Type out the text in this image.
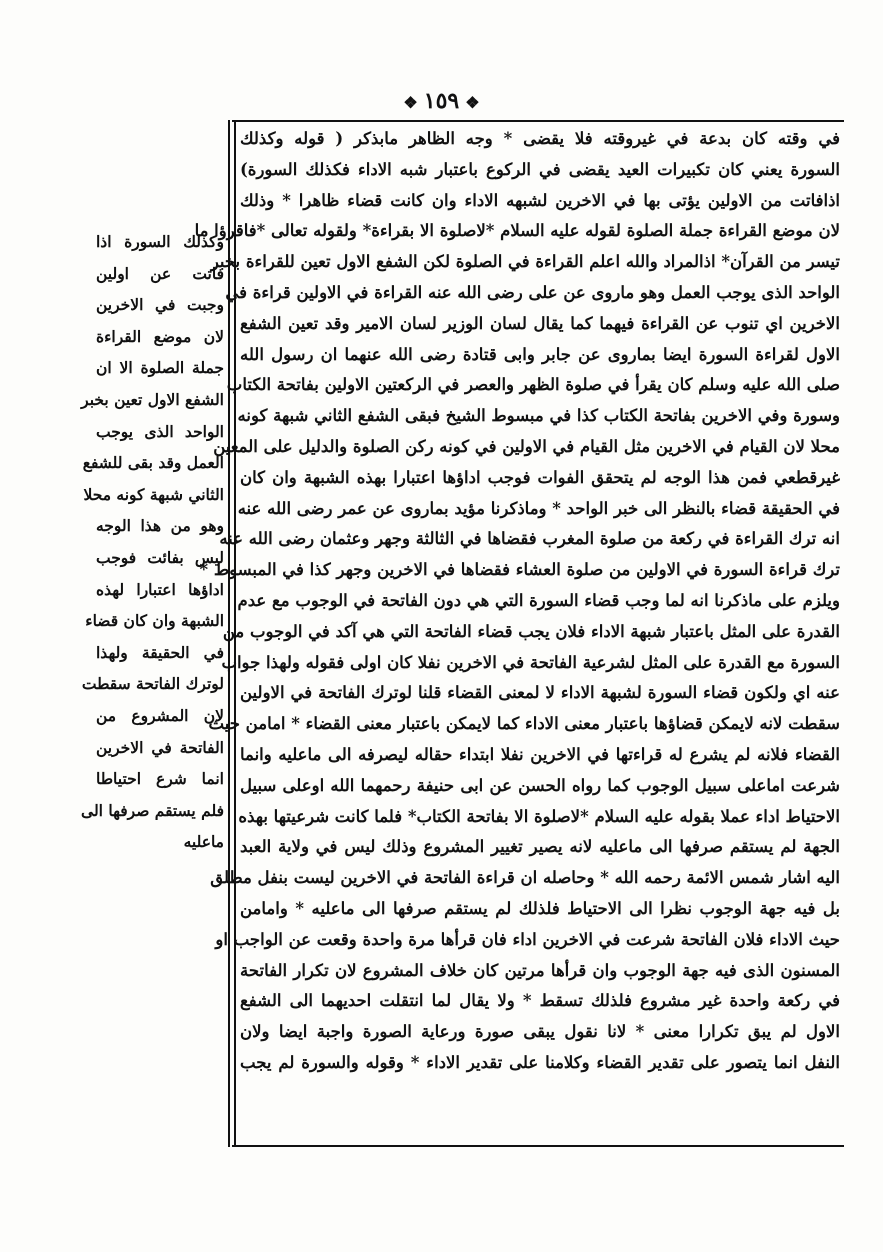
❖ ١٥٩ ❖
في وقته كان بدعة في غيروقته فلا يقضى * وجه الظاهر مابذكر ( قوله وكذلك
السورة يعني كان تكبيرات العيد يقضى في الركوع باعتبار شبه الاداء فكذلك السورة)
اذافاتت من الاولين يؤتى بها في الاخرين لشبهه الاداء وان كانت قضاء ظاهرا * وذلك
لان موضع القراءة جملة الصلوة لقوله عليه السلام *لاصلوة الا بقراءة* ولقوله تعالى *فاقرؤا ما
تيسر من القرآن* اذالمراد والله اعلم القراءة في الصلوة لكن الشفع الاول تعين للقراءة بخبر
الواحد الذى يوجب العمل وهو ماروى عن على رضى الله عنه القراءة في الاولين قراءة في
الاخرين اي تنوب عن القراءة فيهما كما يقال لسان الوزير لسان الامير وقد تعين الشفع
الاول لقراءة السورة ايضا بماروى عن جابر وابى قتادة رضى الله عنهما ان رسول الله
صلى الله عليه وسلم كان يقرأ في صلوة الظهر والعصر في الركعتين الاولين بفاتحة الكتاب
وسورة وفي الاخرين بفاتحة الكتاب كذا في مبسوط الشيخ فبقى الشفع الثاني شبهة كونه
محلا لان القيام في الاخرين مثل القيام في الاولين في كونه ركن الصلوة والدليل على المعين
غيرقطعي فمن هذا الوجه لم يتحقق الفوات فوجب اداؤها اعتبارا بهذه الشبهة وان كان
في الحقيقة قضاء بالنظر الى خبر الواحد * وماذكرنا مؤيد بماروى عن عمر رضى الله عنه
انه ترك القراءة في ركعة من صلوة المغرب فقضاها في الثالثة وجهر وعثمان رضى الله عنه
ترك قراءة السورة في الاولين من صلوة العشاء فقضاها في الاخرين وجهر كذا في المبسوط *
ويلزم على ماذكرنا انه لما وجب قضاء السورة التي هي دون الفاتحة في الوجوب مع عدم
القدرة على المثل باعتبار شبهة الاداء فلان يجب قضاء الفاتحة التي هي آكد في الوجوب من
السورة مع القدرة على المثل لشرعية الفاتحة في الاخرين نفلا كان اولى فقوله ولهذا جواب
عنه اي ولكون قضاء السورة لشبهة الاداء لا لمعنى القضاء قلنا لوترك الفاتحة في الاولين
سقطت لانه لايمكن قضاؤها باعتبار معنى الاداء كما لايمكن باعتبار معنى القضاء * امامن حيث
القضاء فلانه لم يشرع له قراءتها في الاخرين نفلا ابتداء حقاله ليصرفه الى ماعليه وانما
شرعت اماعلى سبيل الوجوب كما رواه الحسن عن ابى حنيفة رحمهما الله اوعلى سبيل
الاحتياط اداء عملا بقوله عليه السلام *لاصلوة الا بفاتحة الكتاب* فلما كانت شرعيتها بهذه
الجهة لم يستقم صرفها الى ماعليه لانه يصير تغيير المشروع وذلك ليس في ولاية العبد
اليه اشار شمس الائمة رحمه الله * وحاصله ان قراءة الفاتحة في الاخرين ليست بنفل مطلق
بل فيه جهة الوجوب نظرا الى الاحتياط فلذلك لم يستقم صرفها الى ماعليه * وامامن
حيث الاداء فلان الفاتحة شرعت في الاخرين اداء فان قرأها مرة واحدة وقعت عن الواجب او
المسنون الذى فيه جهة الوجوب وان قرأها مرتين كان خلاف المشروع لان تكرار الفاتحة
في ركعة واحدة غير مشروع فلذلك تسقط * ولا يقال لما انتقلت احديهما الى الشفع
الاول لم يبق تكرارا معنى * لانا نقول يبقى صورة ورعاية الصورة واجبة ايضا ولان
النفل انما يتصور على تقدير القضاء وكلامنا على تقدير الاداء * وقوله والسورة لم يجب
وكذلك السورة اذا
فاتت عن اولين
وجبت في الاخرين
لان موضع القراءة
جملة الصلوة الا ان
الشفع الاول تعين بخبر
الواحد الذى يوجب
العمل وقد بقى للشفع
الثاني شبهة كونه محلا
وهو من هذا الوجه
ليس بفائت فوجب
اداؤها اعتبارا لهذه
الشبهة وان كان قضاء
في الحقيقة ولهذا
لوترك الفاتحة سقطت
لان المشروع من
الفاتحة في الاخرين
انما شرع احتياطا
فلم يستقم صرفها الى
ماعليه
